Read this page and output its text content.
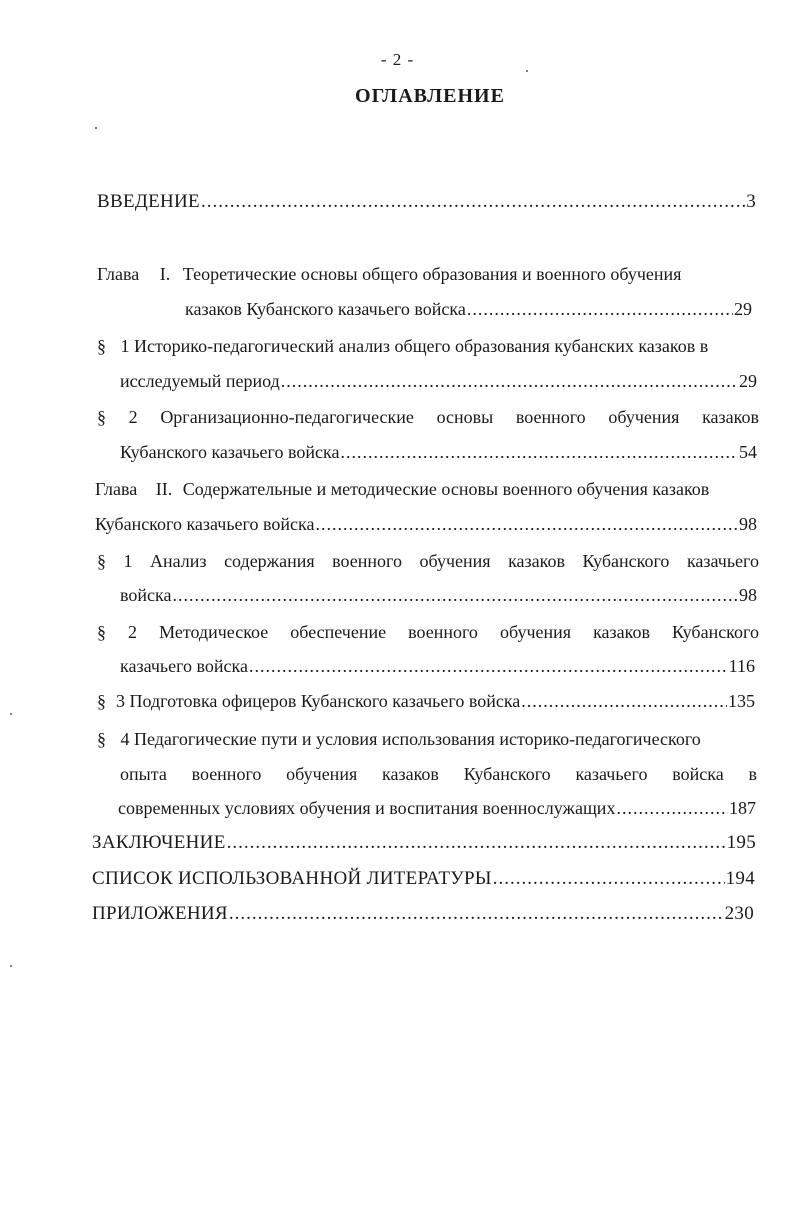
- 2 -
ОГЛАВЛЕНИЕ
ВВЕДЕНИЕ .....	3
Глава I. Теоретические основы общего образования и военного обучения
казаков Кубанского казачьего войска .....	29
§ 1 Историко-педагогический анализ общего образования кубанских казаков в
исследуемый период .....	29
§ 2 Организационно-педагогические основы военного обучения казаков
Кубанского казачьего войска .....	54
Глава II. Содержательные и методические основы военного обучения казаков
Кубанского казачьего войска .....	98
§ 1 Анализ содержания военного обучения казаков Кубанского казачьего
войска .....	98
§ 2 Методическое обеспечение военного обучения казаков Кубанского
казачьего войска .....	116
§ 3 Подготовка офицеров Кубанского казачьего войска .....	135
§ 4 Педагогические пути и условия использования историко-педагогического
опыта военного обучения казаков Кубанского казачьего войска в
современных условиях обучения и воспитания военнослужащих .....	187
ЗАКЛЮЧЕНИЕ .....	195
СПИСОК ИСПОЛЬЗОВАННОЙ ЛИТЕРАТУРЫ .....	194
ПРИЛОЖЕНИЯ .....	230
